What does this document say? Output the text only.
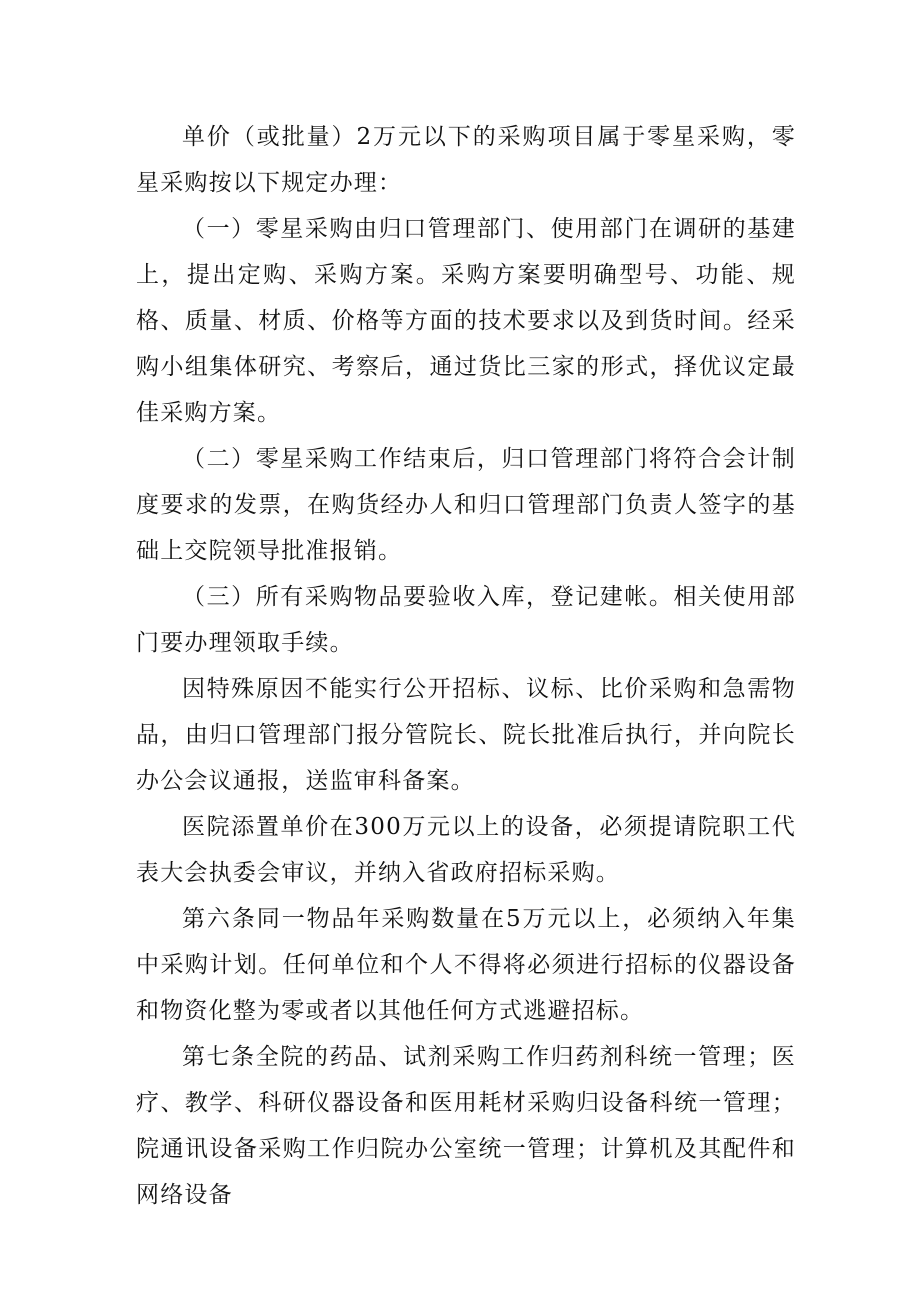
单价（或批量）2万元以下的采购项目属于零星采购，零星采购按以下规定办理：

（一）零星采购由归口管理部门、使用部门在调研的基建上，提出定购、采购方案。采购方案要明确型号、功能、规格、质量、材质、价格等方面的技术要求以及到货时间。经采购小组集体研究、考察后，通过货比三家的形式，择优议定最佳采购方案。

（二）零星采购工作结束后，归口管理部门将符合会计制度要求的发票，在购货经办人和归口管理部门负责人签字的基础上交院领导批准报销。

（三）所有采购物品要验收入库，登记建帐。相关使用部门要办理领取手续。

因特殊原因不能实行公开招标、议标、比价采购和急需物品，由归口管理部门报分管院长、院长批准后执行，并向院长办公会议通报，送监审科备案。

医院添置单价在300万元以上的设备，必须提请院职工代表大会执委会审议，并纳入省政府招标采购。

第六条同一物品年采购数量在5万元以上，必须纳入年集中采购计划。任何单位和个人不得将必须进行招标的仪器设备和物资化整为零或者以其他任何方式逃避招标。

第七条全院的药品、试剂采购工作归药剂科统一管理；医疗、教学、科研仪器设备和医用耗材采购归设备科统一管理；院通讯设备采购工作归院办公室统一管理；计算机及其配件和网络设备
